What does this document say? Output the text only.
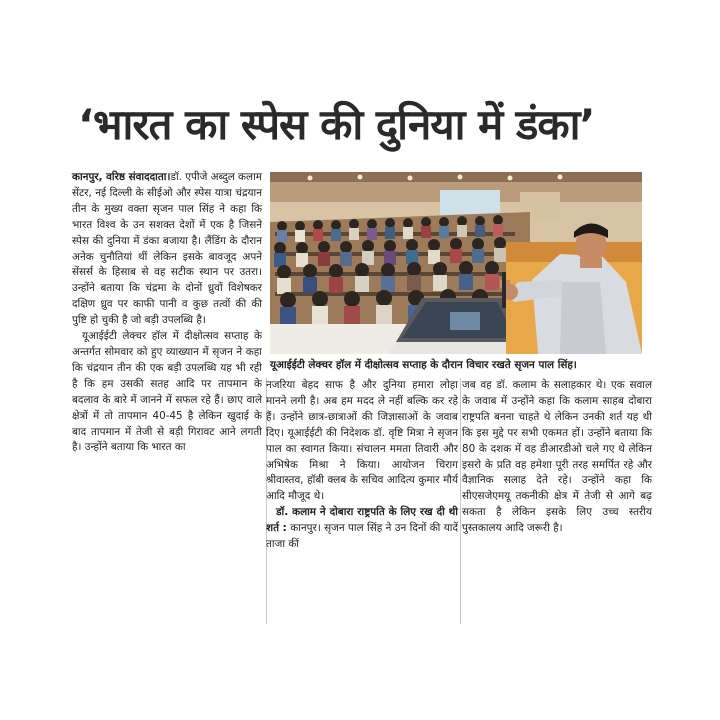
‘भारत का स्पेस की दुनिया में डंका’

कानपुर, वरिष्ठ संवाददाता।डॉ. एपीजे अब्दुल कलाम सेंटर, नई दिल्ली के सीईओ और स्पेस यात्रा चंद्रयान तीन के मुख्य वक्ता सृजन पाल सिंह ने कहा कि भारत विश्व के उन सशक्त देशों में एक है जिसने स्पेस की दुनिया में डंका बजाया है। लैंडिंग के दौरान अनेक चुनौतियां थीं लेकिन इसके बावजूद अपने सेंसर्स के हिसाब से वह सटीक स्थान पर उतरा। उन्होंने बताया कि चंद्रमा के दोनों ध्रुवों विशेषकर दक्षिण ध्रुव पर काफी पानी व कुछ तत्वों की की पुष्टि हो चुकी है जो बड़ी उपलब्धि है।

यूआईईटी लेक्चर हॉल में दीक्षोत्सव सप्ताह के अन्तर्गत सोमवार को हुए व्याख्यान में सृजन ने कहा कि चंद्रयान तीन की एक बड़ी उपलब्धि यह भी रही है कि हम उसकी सतह आदि पर तापमान के बदलाव के बारे में जानने में सफल रहे हैं। छाए वाले क्षेत्रों में तो तापमान 40-45 है लेकिन खुदाई के बाद तापमान में तेजी से बड़ी गिरावट आने लगती है। उन्होंने बताया कि भारत का

यूआईईटी लेक्चर हॉल में दीक्षोत्सव सप्ताह के दौरान विचार रखते सृजन पाल सिंह।

नजरिया बेहद साफ है और दुनिया हमारा लोहा मानने लगी है। अब हम मदद ले नहीं बल्कि कर रहे हैं। उन्होंने छात्र-छात्राओं की जिज्ञासाओं के जवाब दिए। यूआईईटी की निदेशक डॉ. वृष्टि मित्रा ने सृजन पाल का स्वागत किया। संचालन ममता तिवारी और अभिषेक मिश्रा ने किया। आयोजन चिराग श्रीवास्तव, हॉबी क्लब के सचिव आदित्य कुमार मौर्य आदि मौजूद थे।

डॉ. कलाम ने दोबारा राष्ट्रपति के लिए रख दी थी शर्त : कानपुर। सृजन पाल सिंह ने उन दिनों की यादें ताजा कीं

जब वह डॉ. कलाम के सलाहकार थे। एक सवाल के जवाब में उन्होंने कहा कि कलाम साहब दोबारा राष्ट्रपति बनना चाहते थे लेकिन उनकी शर्त यह थी कि इस मुद्दे पर सभी एकमत हों। उन्होंने बताया कि 80 के दशक में वह डीआरडीओ चले गए थे लेकिन इसरो के प्रति वह हमेशा पूरी तरह समर्पित रहे और वैज्ञानिक सलाह देते रहे। उन्होंने कहा कि सीएसजेएमयू तकनीकी क्षेत्र में तेजी से आगे बढ़ सकता है लेकिन इसके लिए उच्च स्तरीय पुस्तकालय आदि जरूरी है।
